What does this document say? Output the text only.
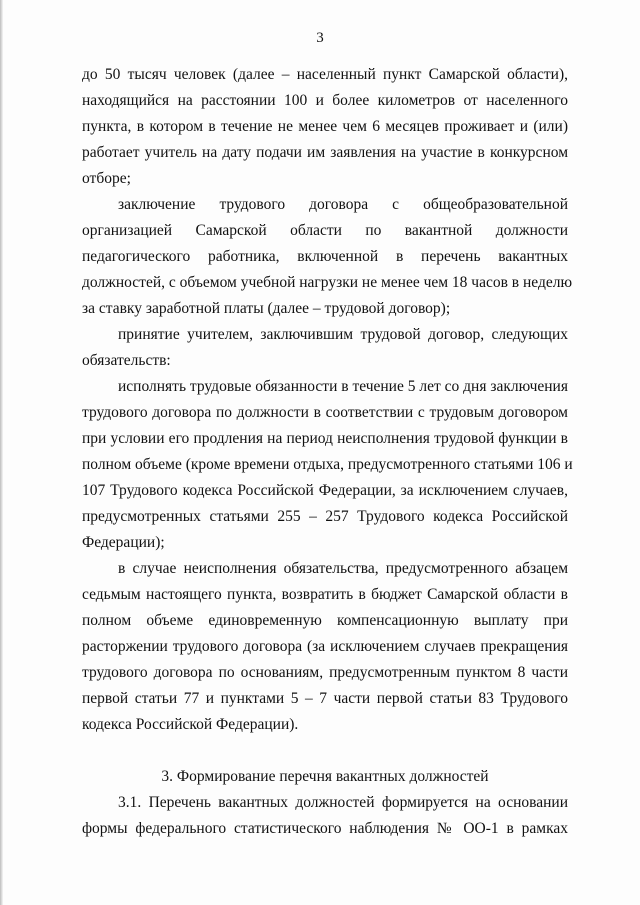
3
до 50 тысяч человек (далее – населенный пункт Самарской области),
находящийся на расстоянии 100 и более километров от населенного
пункта, в котором в течение не менее чем 6 месяцев проживает и (или)
работает учитель на дату подачи им заявления на участие в конкурсном
отборе;
заключение трудового договора с общеобразовательной
организацией Самарской области по вакантной должности
педагогического работника, включенной в перечень вакантных
должностей, с объемом учебной нагрузки не менее чем 18 часов в неделю
за ставку заработной платы (далее – трудовой договор);
принятие учителем, заключившим трудовой договор, следующих
обязательств:
исполнять трудовые обязанности в течение 5 лет со дня заключения
трудового договора по должности в соответствии с трудовым договором
при условии его продления на период неисполнения трудовой функции в
полном объеме (кроме времени отдыха, предусмотренного статьями 106 и
107 Трудового кодекса Российской Федерации, за исключением случаев,
предусмотренных статьями 255 – 257 Трудового кодекса Российской
Федерации);
в случае неисполнения обязательства, предусмотренного абзацем
седьмым настоящего пункта, возвратить в бюджет Самарской области в
полном объеме единовременную компенсационную выплату при
расторжении трудового договора (за исключением случаев прекращения
трудового договора по основаниям, предусмотренным пунктом 8 части
первой статьи 77 и пунктами 5 – 7 части первой статьи 83 Трудового
кодекса Российской Федерации).
3. Формирование перечня вакантных должностей
3.1. Перечень вакантных должностей формируется на основании
формы федерального статистического наблюдения № ОО-1 в рамках
